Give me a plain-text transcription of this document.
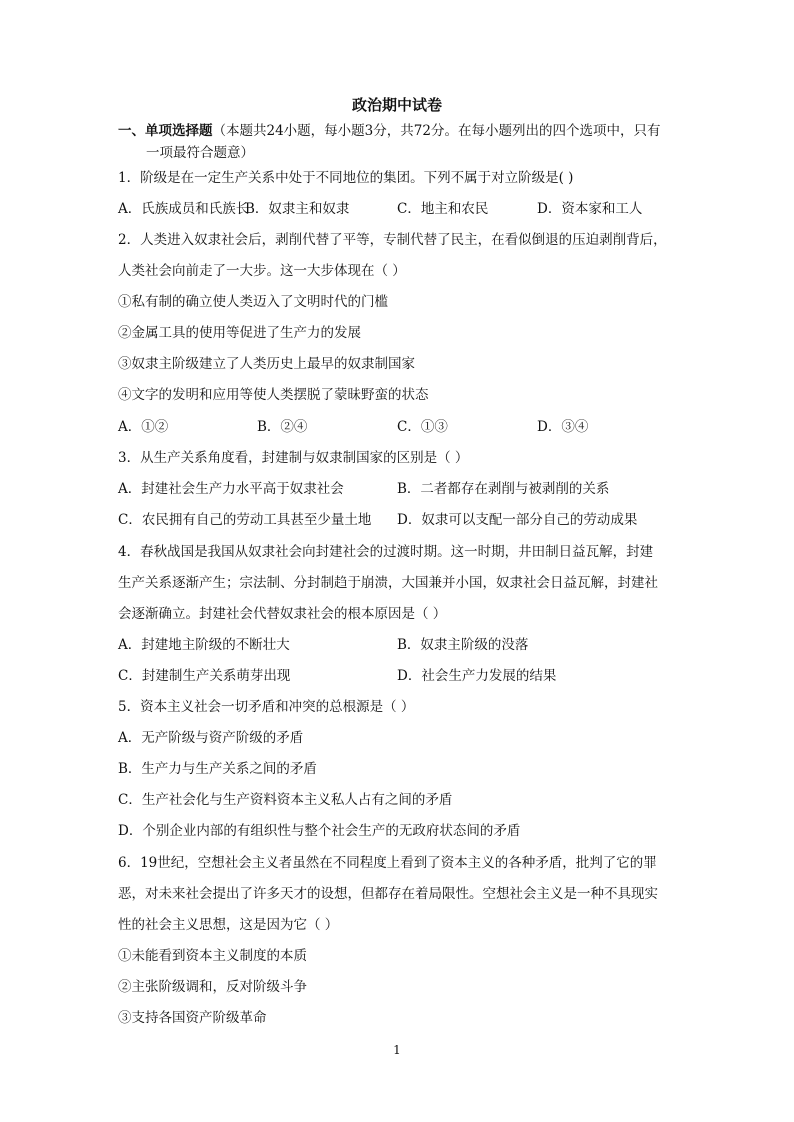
政治期中试卷
一、单项选择题（本题共24小题，每小题3分，共72分。在每小题列出的四个选项中，只有
一项最符合题意）
1．阶级是在一定生产关系中处于不同地位的集团。下列不属于对立阶级是( )
A．氏族成员和氏族长
B．奴隶主和奴隶	C．地主和农民	D．资本家和工人
2．人类进入奴隶社会后，剥削代替了平等，专制代替了民主，在看似倒退的压迫剥削背后，
人类社会向前走了一大步。这一大步体现在（ ）
①私有制的确立使人类迈入了文明时代的门槛
②金属工具的使用等促进了生产力的发展
③奴隶主阶级建立了人类历史上最早的奴隶制国家
④文字的发明和应用等使人类摆脱了蒙昧野蛮的状态
A．①②	B．②④	C．①③	D．③④
3．从生产关系角度看，封建制与奴隶制国家的区别是（ ）
A．封建社会生产力水平高于奴隶社会	B．二者都存在剥削与被剥削的关系
C．农民拥有自己的劳动工具甚至少量土地 D．奴隶可以支配一部分自己的劳动成果
4．春秋战国是我国从奴隶社会向封建社会的过渡时期。这一时期，井田制日益瓦解，封建
生产关系逐渐产生；宗法制、分封制趋于崩溃，大国兼并小国，奴隶社会日益瓦解，封建社
会逐渐确立。封建社会代替奴隶社会的根本原因是（ ）
A．封建地主阶级的不断壮大	B．奴隶主阶级的没落
C．封建制生产关系萌芽出现	D．社会生产力发展的结果
5．资本主义社会一切矛盾和冲突的总根源是（ ）
A．无产阶级与资产阶级的矛盾
B．生产力与生产关系之间的矛盾
C．生产社会化与生产资料资本主义私人占有之间的矛盾
D．个别企业内部的有组织性与整个社会生产的无政府状态间的矛盾
6．19世纪，空想社会主义者虽然在不同程度上看到了资本主义的各种矛盾，批判了它的罪
恶，对未来社会提出了许多天才的设想，但都存在着局限性。空想社会主义是一种不具现实
性的社会主义思想，这是因为它（ ）
①未能看到资本主义制度的本质
②主张阶级调和，反对阶级斗争
③支持各国资产阶级革命
1
